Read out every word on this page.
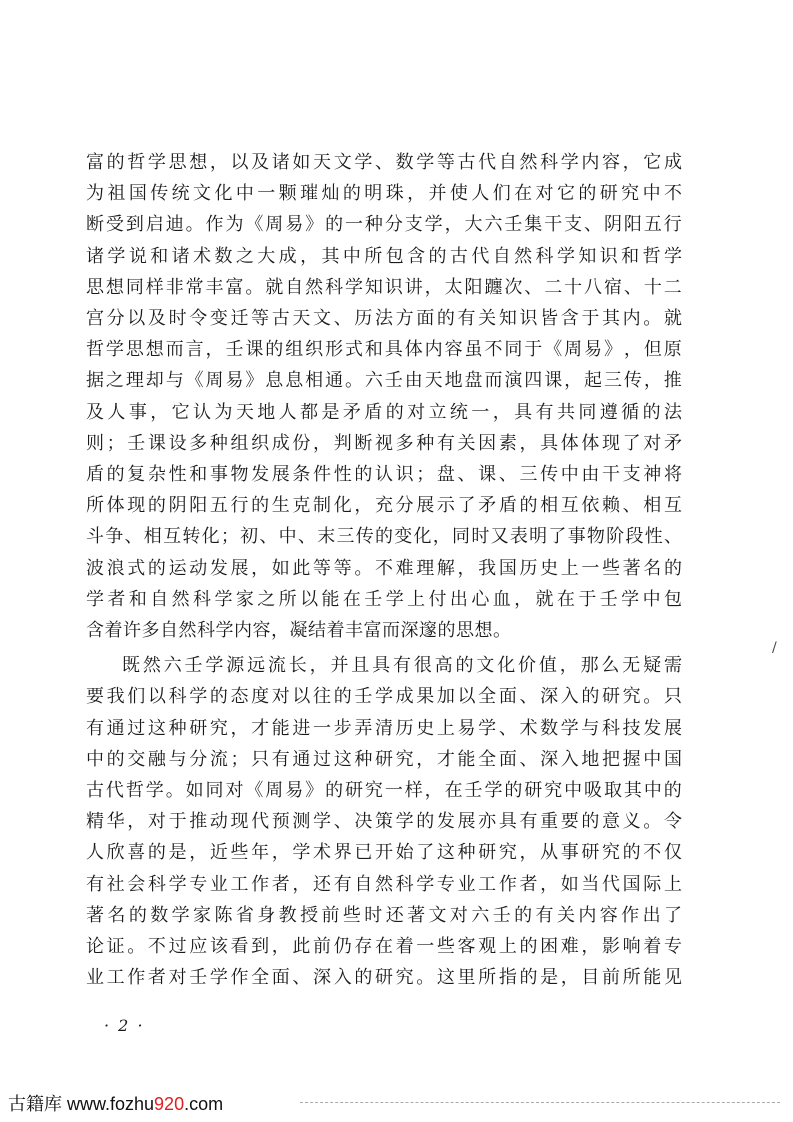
富 的 哲 学 思 想 ， 以 及 诸 如 天 文 学 、 数 学 等 古 代 自 然 科 学 内 容 ， 它 成
为 祖 国 传 统 文 化 中 一 颗 璀 灿 的 明 珠 ， 并 使 人 们 在 对 它 的 研 究 中 不
断 受 到 启 迪 。 作 为 《 周 易 》 的 一 种 分 支 学 ， 大 六 壬 集 干 支 、 阴 阳 五 行
诸 学 说 和 诸 术 数 之 大 成 ， 其 中 所 包 含 的 古 代 自 然 科 学 知 识 和 哲 学
思 想 同 样 非 常 丰 富 。 就 自 然 科 学 知 识 讲 ， 太 阳 躔 次 、 二 十 八 宿 、 十 二
宫 分 以 及 时 令 变 迁 等 古 天 文 、 历 法 方 面 的 有 关 知 识 皆 含 于 其 内 。 就
哲 学 思 想 而 言 ， 壬 课 的 组 织 形 式 和 具 体 内 容 虽 不 同 于 《 周 易 》 ， 但 原
据 之 理 却 与 《 周 易 》 息 息 相 通 。 六 壬 由 天 地 盘 而 演 四 课 ， 起 三 传 ， 推
及 人 事 ， 它 认 为 天 地 人 都 是 矛 盾 的 对 立 统 一 ， 具 有 共 同 遵 循 的 法
则 ； 壬 课 设 多 种 组 织 成 份 ， 判 断 视 多 种 有 关 因 素 ， 具 体 体 现 了 对 矛
盾 的 复 杂 性 和 事 物 发 展 条 件 性 的 认 识 ； 盘 、 课 、 三 传 中 由 干 支 神 将
所 体 现 的 阴 阳 五 行 的 生 克 制 化 ， 充 分 展 示 了 矛 盾 的 相 互 依 赖 、 相 互
斗 争 、 相 互 转 化 ； 初 、 中 、 末 三 传 的 变 化 ， 同 时 又 表 明 了 事 物 阶 段 性 、
波 浪 式 的 运 动 发 展 ， 如 此 等 等 。 不 难 理 解 ， 我 国 历 史 上 一 些 著 名 的
学 者 和 自 然 科 学 家 之 所 以 能 在 壬 学 上 付 出 心 血 ， 就 在 于 壬 学 中 包
含着许多自然科学内容，凝结着丰富而深邃的思想。
既 然 六 壬 学 源 远 流 长 ， 并 且 具 有 很 高 的 文 化 价 值 ， 那 么 无 疑 需
要 我 们 以 科 学 的 态 度 对 以 往 的 壬 学 成 果 加 以 全 面 、 深 入 的 研 究 。 只
有 通 过 这 种 研 究 ， 才 能 进 一 步 弄 清 历 史 上 易 学 、 术 数 学 与 科 技 发 展
中 的 交 融 与 分 流 ； 只 有 通 过 这 种 研 究 ， 才 能 全 面 、 深 入 地 把 握 中 国
古 代 哲 学 。 如 同 对 《 周 易 》 的 研 究 一 样 ， 在 壬 学 的 研 究 中 吸 取 其 中 的
精 华 ， 对 于 推 动 现 代 预 测 学 、 决 策 学 的 发 展 亦 具 有 重 要 的 意 义 。 令
人 欣 喜 的 是 ， 近 些 年 ， 学 术 界 已 开 始 了 这 种 研 究 ， 从 事 研 究 的 不 仅
有 社 会 科 学 专 业 工 作 者 ， 还 有 自 然 科 学 专 业 工 作 者 ， 如 当 代 国 际 上
著 名 的 数 学 家 陈 省 身 教 授 前 些 时 还 著 文 对 六 壬 的 有 关 内 容 作 出 了
论 证 。 不 过 应 该 看 到 ， 此 前 仍 存 在 着 一 些 客 观 上 的 困 难 ， 影 响 着 专
业 工 作 者 对 壬 学 作 全 面 、 深 入 的 研 究 。 这 里 所 指 的 是 ， 目 前 所 能 见
· 2 ·
/
古籍库 www.fozhu920.com
